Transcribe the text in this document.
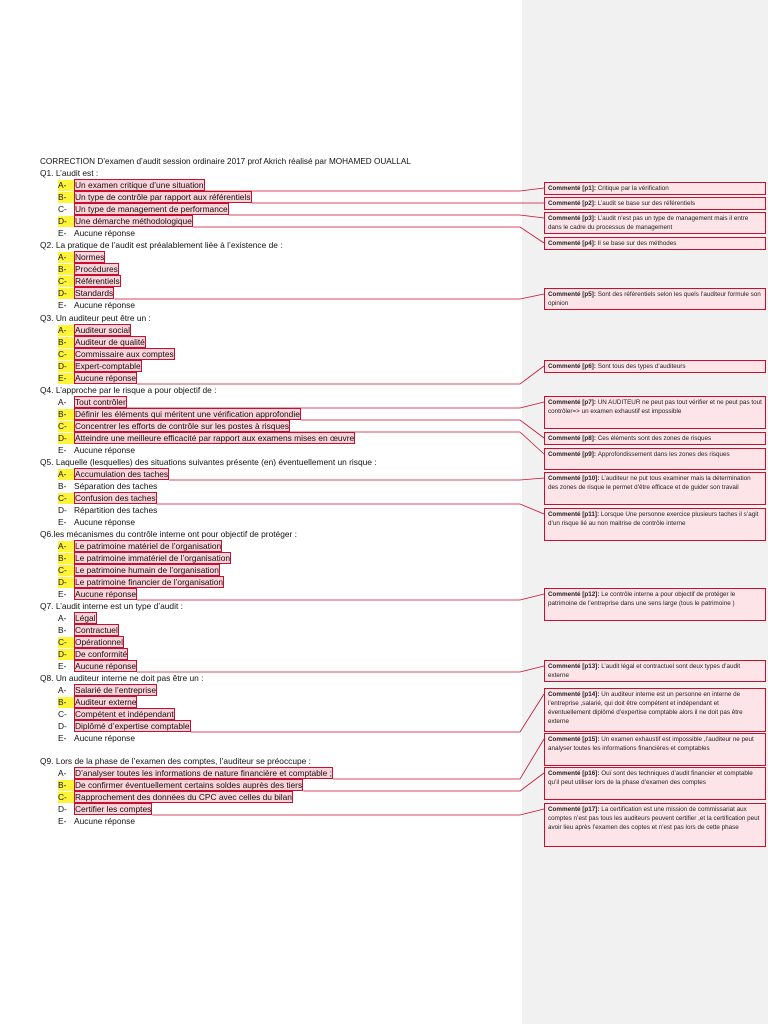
CORRECTION D’examen d’audit session ordinaire 2017 prof Akrich réalisé par MOHAMED OUALLAL
Q1. L’audit est :
A- Un examen critique d’une situation
B- Un type de contrôle par rapport aux référentiels
C- Un type de management de performance
D- Une démarche méthodologique
E- Aucune réponse
Q2. La pratique de l’audit est préalablement liée à l’existence de :
A- Normes
B- Procédures
C- Référentiels
D- Standards
E- Aucune réponse
Q3. Un auditeur peut être un :
A- Auditeur social
B- Auditeur de qualité
C- Commissaire aux comptes
D- Expert-comptable
E- Aucune réponse
Q4. L’approche par le risque a pour objectif de :
A- Tout contrôler
B- Définir les éléments qui méritent une vérification approfondie
C- Concentrer les efforts de contrôle sur les postes à risques
D- Atteindre une meilleure efficacité par rapport aux examens mises en œuvre
E- Aucune réponse
Q5. Laquelle (lesquelles) des situations suivantes présente (en) éventuellement un risque :
A- Accumulation des taches
B- Séparation des taches
C- Confusion des taches
D- Répartition des taches
E- Aucune réponse
Q6.les mécanismes du contrôle interne ont pour objectif de protéger :
A- Le patrimoine matériel de l’organisation
B- Le patrimoine immatériel de l’organisation
C- Le patrimoine humain de l’organisation
D- Le patrimoine financier de l’organisation
E- Aucune réponse
Q7. L’audit interne est un type d’audit :
A- Légal
B- Contractuel
C- Opérationnel
D- De conformité
E- Aucune réponse
Q8. Un auditeur interne ne doit pas être un :
A- Salarié de l’entreprise
B- Auditeur externe
C- Compétent et indépendant
D- Diplômé d’expertise comptable
E- Aucune réponse
Q9. Lors de la phase de l’examen des comptes, l’auditeur se préoccupe :
A- D’analyser toutes les informations de nature financière et comptable ;
B- De confirmer éventuellement certains soldes auprès des tiers
C- Rapprochement des données du CPC avec celles du bilan
D- Certifier les comptes
E- Aucune réponse
Commenté [p1]: Critique par la vérification
Commenté [p2]: L’audit se base sur des référentiels
Commenté [p3]: L’audit n’est pas un type de management mais il entre dans le cadre du processus de management
Commenté [p4]: Il se base sur des méthodes
Commenté [p5]: Sont des référentiels selon les quels l’auditeur formule son opinion
Commenté [p6]: Sont tous des types d’auditeurs
Commenté [p7]: UN AUDITEUR ne peut pas tout vérifier et ne peut pas tout contrôler=> un examen exhaustif est impossible
Commenté [p8]: Ces éléments sont des zones de risques
Commenté [p9]: Approfondissement dans les zones des risques
Commenté [p10]: L’auditeur ne put tous examiner mais la détermination des zones de risque le permet d’être efficace et de guider son travail
Commenté [p11]: Lorsque Une personne exercice plusieurs taches il s’agit d’un risque lié au non maitrise de contrôle interne
Commenté [p12]: Le contrôle interne a pour objectif de protéger le patrimoine de l’entreprise dans une sens large (tous le patrimoine )
Commenté [p13]: L’audit légal et contractuel sont deux types d’audit externe
Commenté [p14]: Un auditeur interne est un personne en interne de l’entreprise ,salarié, qui doit être compétent et indépendant et éventuellement diplômé d’expertise comptable alors il ne doit pas être externe
Commenté [p15]: Un examen exhaustif est impossible ,l’auditeur ne peut analyser toutes les informations financières et comptables
Commenté [p16]: Ouï sont des techniques d’audit financier et comptable qu’il peut utiliser lors de la phase d’examen des comptes
Commenté [p17]: La certification est une mission de commissariat aux comptes n’est pas tous les auditeurs peuvent certifier ,et la certification peut avoir lieu après l’examen des coptes et n’est pas lors de cette phase
